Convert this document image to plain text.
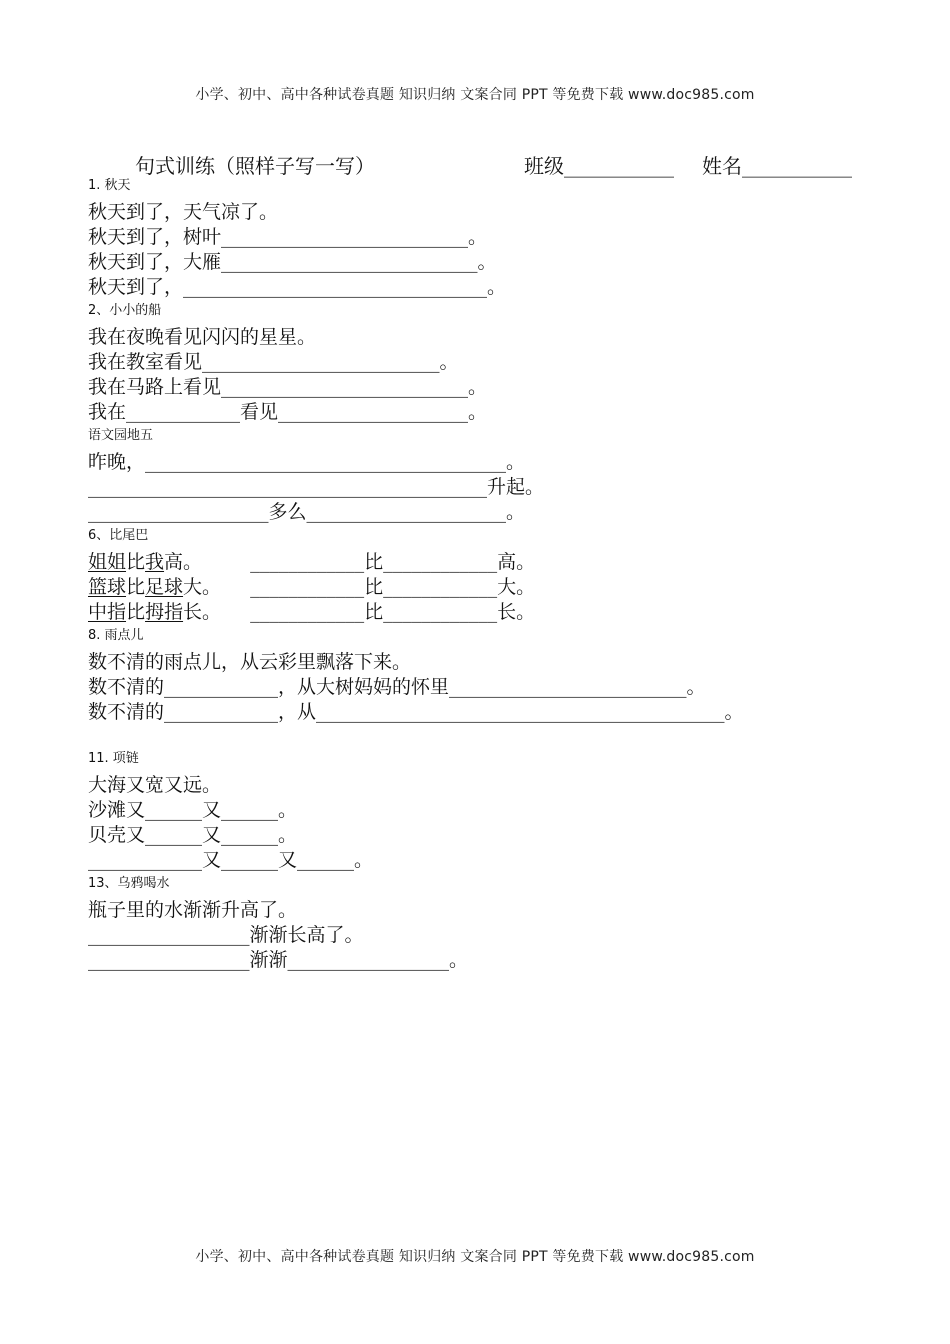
小学、初中、高中各种试卷真题 知识归纳 文案合同 PPT 等免费下载 www.doc985.com
句式训练（照样子写一写）	班级___________ 姓名___________
1. 秋天
秋天到了，天气凉了。
秋天到了，树叶__________________________。
秋天到了，大雁___________________________。
秋天到了，________________________________。
2、小小的船
我在夜晚看见闪闪的星星。
我在教室看见_________________________。
我在马路上看见__________________________。
我在____________看见____________________。
语文园地五
昨晚，______________________________________。
__________________________________________升起。
___________________多么_____________________。
6、比尾巴
姐姐比我高。	____________比____________高。
篮球比足球大。 ____________比____________大。
中指比拇指长。 ____________比____________长。
8. 雨点儿
数不清的雨点儿，从云彩里飘落下来。
数不清的____________，从大树妈妈的怀里_________________________。
数不清的____________，从___________________________________________。
11. 项链
大海又宽又远。
沙滩又______又______。
贝壳又______又______。
____________又______又______。
13、乌鸦喝水
瓶子里的水渐渐升高了。
_________________渐渐长高了。
_________________渐渐_________________。
小学、初中、高中各种试卷真题 知识归纳 文案合同 PPT 等免费下载 www.doc985.com
